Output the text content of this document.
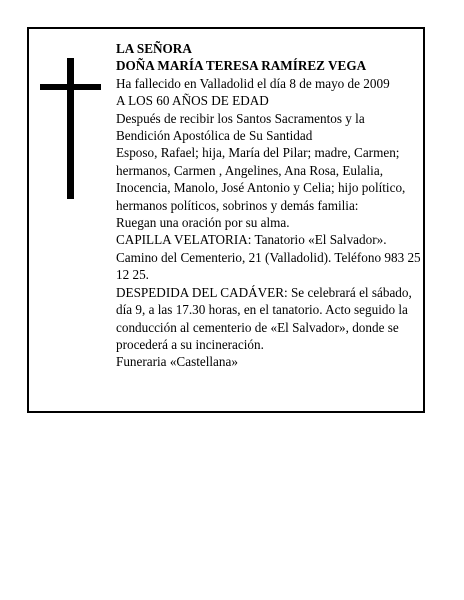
LA SEÑORA

DOÑA MARÍA TERESA RAMÍREZ VEGA

Ha fallecido en Valladolid el día 8 de mayo de 2009

A LOS 60 AÑOS DE EDAD

Después de recibir los Santos Sacramentos y la Bendición Apostólica de Su Santidad

Esposo, Rafael; hija, María del Pilar; madre, Carmen; hermanos, Carmen , Angelines, Ana Rosa, Eulalia, Inocencia, Manolo, José Antonio y Celia; hijo político, hermanos políticos, sobrinos y demás familia:

Ruegan una oración por su alma.

CAPILLA VELATORIA: Tanatorio «El Salvador». Camino del Cementerio, 21 (Valladolid). Teléfono 983 25 12 25.

DESPEDIDA DEL CADÁVER: Se celebrará el sábado, día 9, a las 17.30 horas, en el tanatorio. Acto seguido la conducción al cementerio de «El Salvador», donde se procederá a su incineración.

Funeraria «Castellana»
